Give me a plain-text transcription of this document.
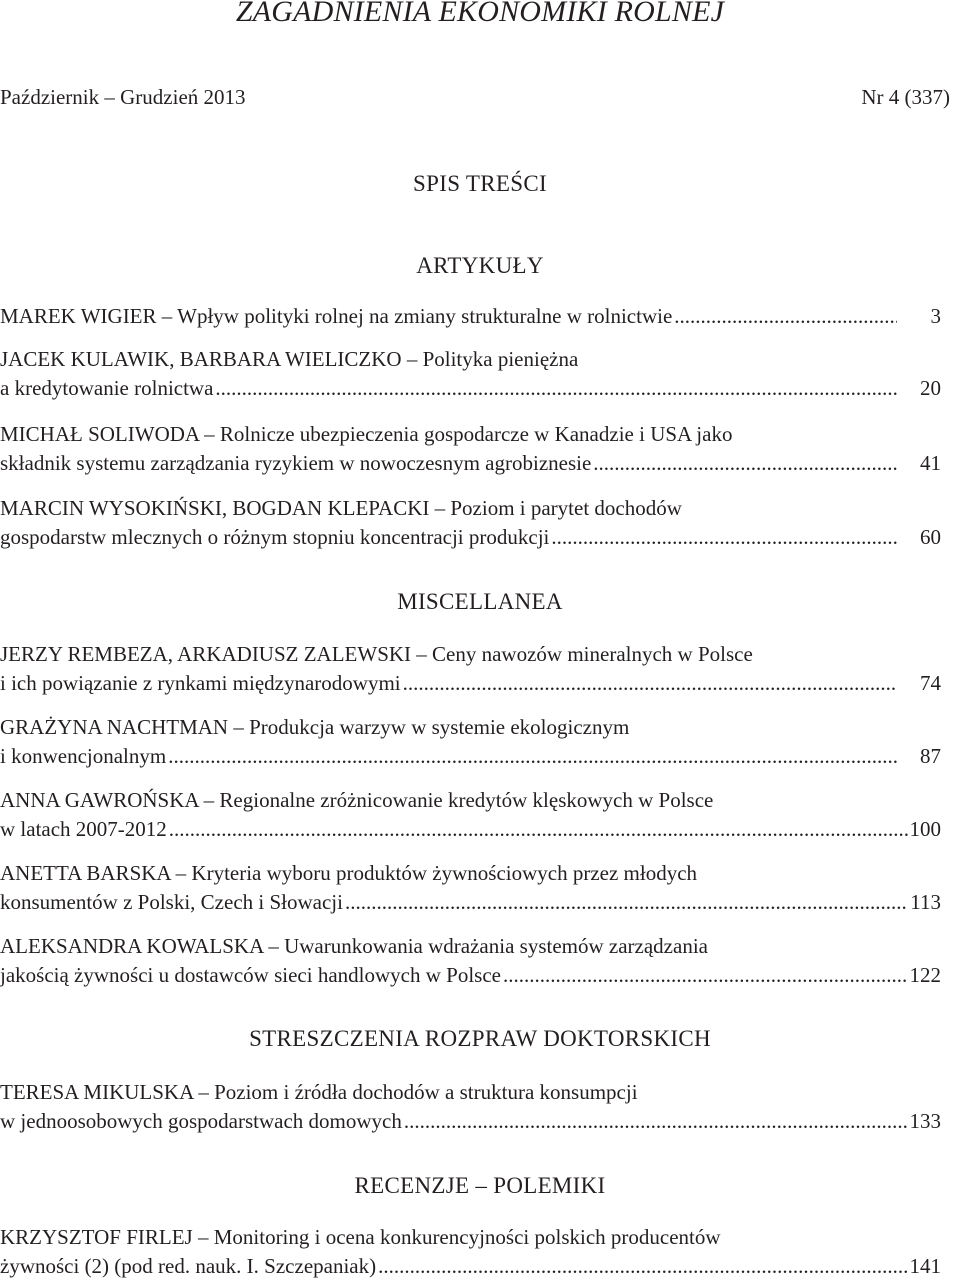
ZAGADNIENIA EKONOMIKI ROLNEJ
Październik – Grudzień 2013	Nr 4 (337)
SPIS TREŚCI
ARTYKUŁY
MAREK WIGIER – Wpływ polityki rolnej na zmiany strukturalne w rolnictwie .....	3
JACEK KULAWIK, BARBARA WIELICZKO – Polityka pieniężna
a kredytowanie rolnictwa .....	20
MICHAŁ SOLIWODA – Rolnicze ubezpieczenia gospodarcze w Kanadzie i USA jako
składnik systemu zarządzania ryzykiem w nowoczesnym agrobiznesie .....	41
MARCIN WYSOKIŃSKI, BOGDAN KLEPACKI – Poziom i parytet dochodów
gospodarstw mlecznych o różnym stopniu koncentracji produkcji .....	60
MISCELLANEA
JERZY REMBEZA, ARKADIUSZ ZALEWSKI – Ceny nawozów mineralnych w Polsce
i ich powiązanie z rynkami międzynarodowymi .....	74
GRAŻYNA NACHTMAN – Produkcja warzyw w systemie ekologicznym
i konwencjonalnym .....	87
ANNA GAWROŃSKA – Regionalne zróżnicowanie kredytów klęskowych w Polsce
w latach 2007-2012 .....	100
ANETTA BARSKA – Kryteria wyboru produktów żywnościowych przez młodych
konsumentów z Polski, Czech i Słowacji .....	113
ALEKSANDRA KOWALSKA – Uwarunkowania wdrażania systemów zarządzania
jakością żywności u dostawców sieci handlowych w Polsce .....	122
STRESZCZENIA ROZPRAW DOKTORSKICH
TERESA MIKULSKA – Poziom i źródła dochodów a struktura konsumpcji
w jednoosobowych gospodarstwach domowych .....	133
RECENZJE – POLEMIKI
KRZYSZTOF FIRLEJ – Monitoring i ocena konkurencyjności polskich producentów
żywności (2) (pod red. nauk. I. Szczepaniak) .....	141
